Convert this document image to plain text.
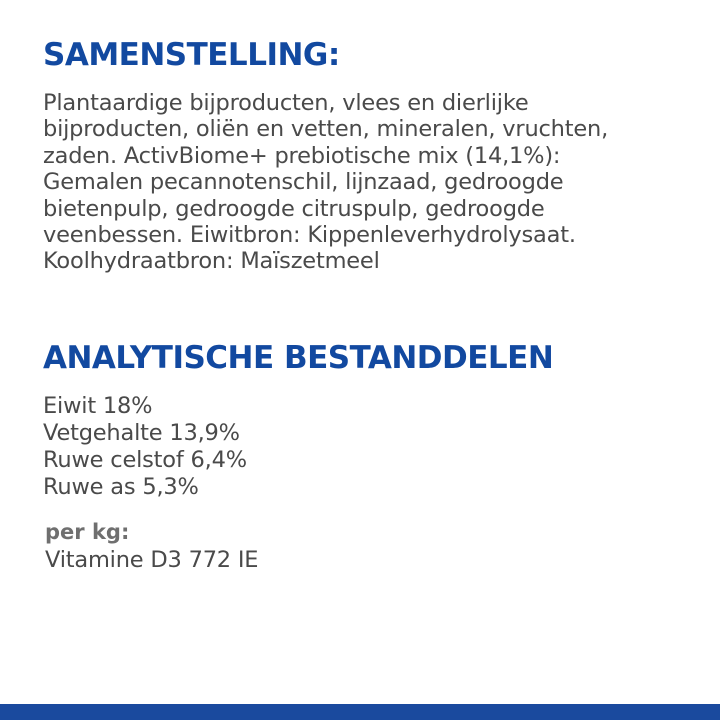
SAMENSTELLING:

Plantaardige bijproducten, vlees en dierlijke
bijproducten, oliën en vetten, mineralen, vruchten,
zaden. ActivBiome+ prebiotische mix (14,1%):
Gemalen pecannotenschil, lijnzaad, gedroogde
bietenpulp, gedroogde citruspulp, gedroogde
veenbessen. Eiwitbron: Kippenleverhydrolysaat.
Koolhydraatbron: Maïszetmeel

ANALYTISCHE BESTANDDELEN
Eiwit 18%
Vetgehalte 13,9%
Ruwe celstof 6,4%
Ruwe as 5,3%

per kg:

Vitamine D3 772 IE
